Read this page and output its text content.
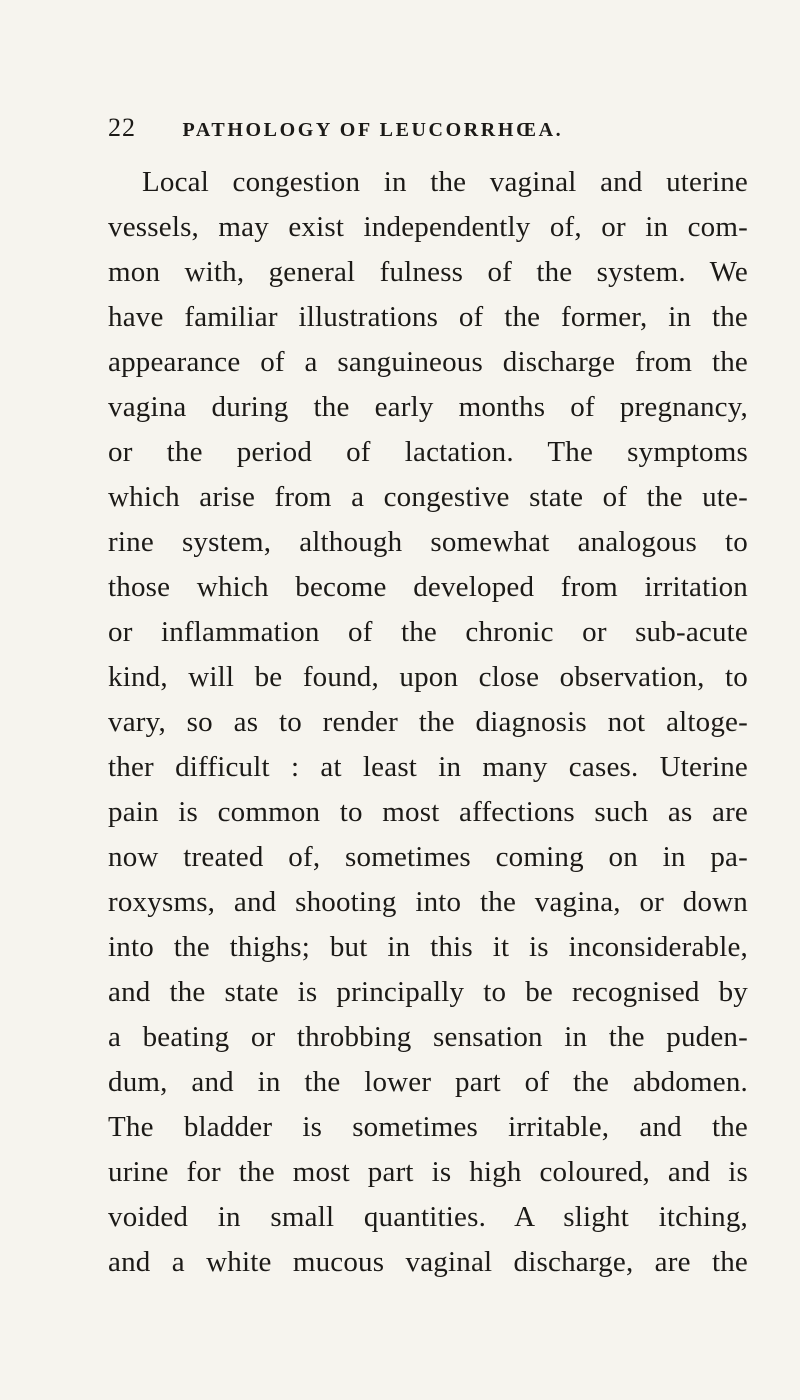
22 PATHOLOGY OF LEUCORRHŒA.
Local congestion in the vaginal and uterine
vessels, may exist independently of, or in com-
mon with, general fulness of the system. We
have familiar illustrations of the former, in the
appearance of a sanguineous discharge from the
vagina during the early months of pregnancy,
or the period of lactation. The symptoms
which arise from a congestive state of the ute-
rine system, although somewhat analogous to
those which become developed from irritation
or inflammation of the chronic or sub-acute
kind, will be found, upon close observation, to
vary, so as to render the diagnosis not altoge-
ther difficult : at least in many cases. Uterine
pain is common to most affections such as are
now treated of, sometimes coming on in pa-
roxysms, and shooting into the vagina, or down
into the thighs; but in this it is inconsiderable,
and the state is principally to be recognised by
a beating or throbbing sensation in the puden-
dum, and in the lower part of the abdomen.
The bladder is sometimes irritable, and the
urine for the most part is high coloured, and is
voided in small quantities. A slight itching,
and a white mucous vaginal discharge, are the
